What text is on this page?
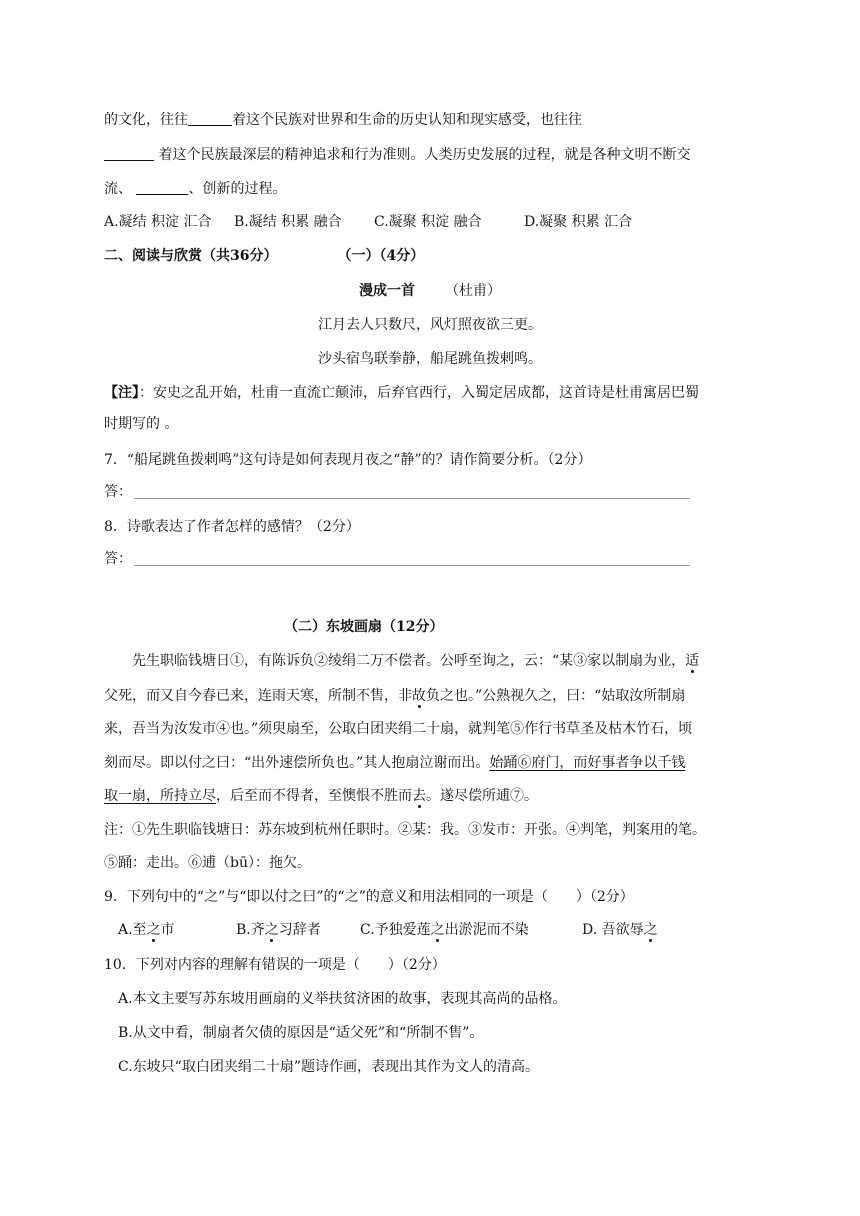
的文化，往往	着这个民族对世界和生命的历史认知和现实感受，也往往
着这个民族最深层的精神追求和行为准则。人类历史发展的过程，就是各种文明不断交
流、	、创新的过程。
A.凝结 积淀 汇合 B.凝结 积累 融合 C.凝聚 积淀 融合	D.凝聚 积累 汇合
二、阅读与欣赏（共36分）	（一）（4分）
漫成一首 （杜甫）
江月去人只数尺，风灯照夜欲三更。
沙头宿鸟联拳静，船尾跳鱼拨剌鸣。
【注】：安史之乱开始，杜甫一直流亡颠沛，后弃官西行，入蜀定居成都，这首诗是杜甫寓居巴蜀
时期写的 。
7．“船尾跳鱼拨剌鸣”这句诗是如何表现月夜之“静”的？请作简要分析。（2分）
答：
8．诗歌表达了作者怎样的感情？（2分）
答：
（二）东坡画扇（12分）
先生职临钱塘日①，有陈诉负②绫绢二万不偿者。公呼至询之，云：“某③家以制扇为业，适
父死，而又自今春已来，连雨天寒，所制不售，非故负之也。”公熟视久之，曰：“姑取汝所制扇
来，吾当为汝发市④也。”须臾扇至，公取白团夹绢二十扇，就判笔⑤作行书草圣及枯木竹石，顷
刻而尽。即以付之曰：“出外速偿所负也。”其人抱扇泣谢而出。始踊⑥府门，而好事者争以千钱
取一扇，所持立尽，后至而不得者，至懊恨不胜而去。遂尽偿所逋⑦。
注：①先生职临钱塘日：苏东坡到杭州任职时。②某：我。③发市：开张。④判笔，判案用的笔。
⑤踊：走出。⑥逋（bū）：拖欠。
9．下列句中的“之”与“即以付之曰”的“之”的意义和用法相同的一项是（　　）（2分）
A.至之市	B.齐之习辞者	C.予独爱莲之出淤泥而不染	D. 吾欲辱之
10．下列对内容的理解有错误的一项是（　　）（2分）
A.本文主要写苏东坡用画扇的义举扶贫济困的故事，表现其高尚的品格。
B.从文中看，制扇者欠债的原因是“适父死”和“所制不售”。
C.东坡只“取白团夹绢二十扇”题诗作画，表现出其作为文人的清高。
